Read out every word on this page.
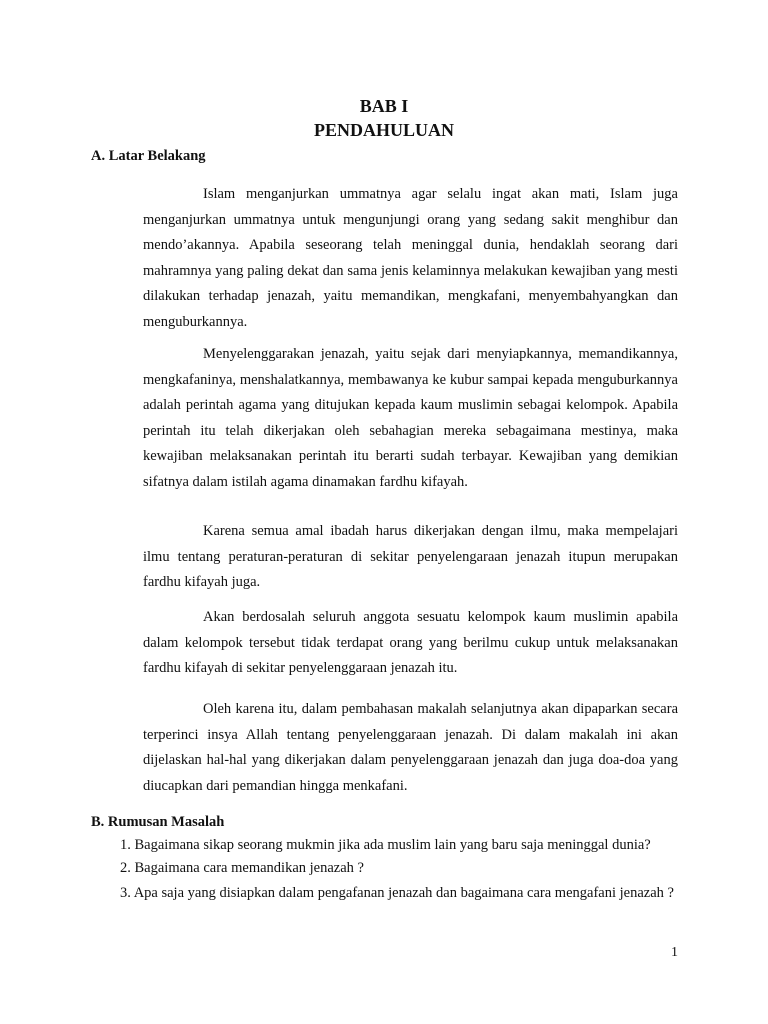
BAB I
PENDAHULUAN
A. Latar Belakang

Islam menganjurkan ummatnya agar selalu ingat akan mati, Islam juga menganjurkan ummatnya untuk mengunjungi orang yang sedang sakit menghibur dan mendo’akannya. Apabila seseorang telah meninggal dunia, hendaklah seorang dari mahramnya yang paling dekat dan sama jenis kelaminnya melakukan kewajiban yang mesti dilakukan terhadap jenazah, yaitu memandikan, mengkafani, menyembahyangkan dan menguburkannya.

Menyelenggarakan jenazah, yaitu sejak dari menyiapkannya, memandikannya, mengkafaninya, menshalatkannya, membawanya ke kubur sampai kepada menguburkannya adalah perintah agama yang ditujukan kepada kaum muslimin sebagai kelompok. Apabila perintah itu telah dikerjakan oleh sebahagian mereka sebagaimana mestinya, maka kewajiban melaksanakan perintah itu berarti sudah terbayar. Kewajiban yang demikian sifatnya dalam istilah agama dinamakan fardhu kifayah.

Karena semua amal ibadah harus dikerjakan dengan ilmu, maka mempelajari ilmu tentang peraturan-peraturan di sekitar penyelengaraan jenazah itupun merupakan fardhu kifayah juga.

Akan berdosalah seluruh anggota sesuatu kelompok kaum muslimin apabila dalam kelompok tersebut tidak terdapat orang yang berilmu cukup untuk melaksanakan fardhu kifayah di sekitar penyelenggaraan jenazah itu.

Oleh karena itu, dalam pembahasan makalah selanjutnya akan dipaparkan secara terperinci insya Allah tentang penyelenggaraan jenazah. Di dalam makalah ini akan dijelaskan hal-hal yang dikerjakan dalam penyelenggaraan jenazah dan juga doa-doa yang diucapkan dari pemandian hingga menkafani.

B. Rumusan Masalah

1. Bagaimana sikap seorang mukmin jika ada muslim lain yang baru saja meninggal dunia?

2. Bagaimana cara memandikan jenazah ?

3. Apa saja yang disiapkan dalam pengafanan jenazah dan bagaimana cara mengafani jenazah ?

1
